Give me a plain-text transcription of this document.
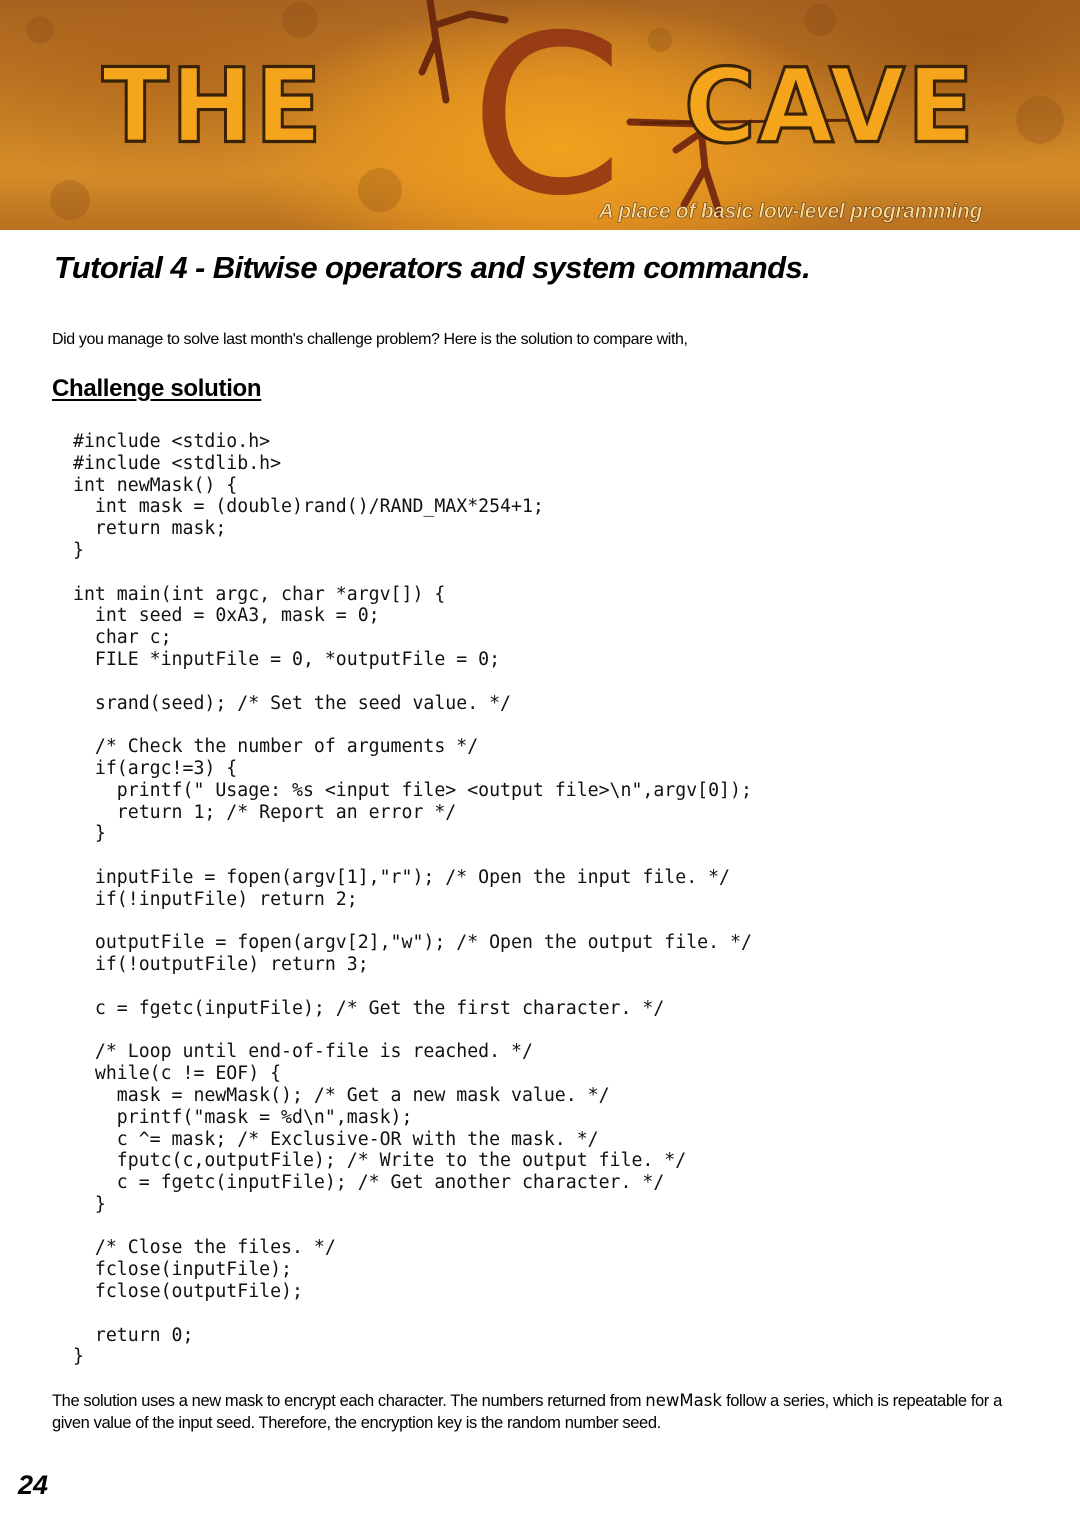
C
THE	CAVE
A place of basic low-level programming
Tutorial 4 - Bitwise operators and system commands.

Did you manage to solve last month's challenge problem? Here is the solution to compare with,

Challenge solution
#include <stdio.h>
#include <stdlib.h>
int newMask() {
int mask = (double)rand()/RAND_MAX*254+1;
return mask;
}

int main(int argc, char *argv[]) {
int seed = 0xA3, mask = 0;
char c;
FILE *inputFile = 0, *outputFile = 0;

srand(seed); /* Set the seed value. */

/* Check the number of arguments */
if(argc!=3) {
printf(" Usage: %s <input file> <output file>\n",argv[0]);
return 1; /* Report an error */
}

inputFile = fopen(argv[1],"r"); /* Open the input file. */
if(!inputFile) return 2;

outputFile = fopen(argv[2],"w"); /* Open the output file. */
if(!outputFile) return 3;

c = fgetc(inputFile); /* Get the first character. */

/* Loop until end-of-file is reached. */
while(c != EOF) {
mask = newMask(); /* Get a new mask value. */
printf("mask = %d\n",mask);
c ^= mask; /* Exclusive-OR with the mask. */
fputc(c,outputFile); /* Write to the output file. */
c = fgetc(inputFile); /* Get another character. */
}

/* Close the files. */
fclose(inputFile);
fclose(outputFile);

return 0;
}

The solution uses a new mask to encrypt each character. The numbers returned from newMask follow a series, which is repeatable for a given value of the input seed. Therefore, the encryption key is the random number seed.

24
